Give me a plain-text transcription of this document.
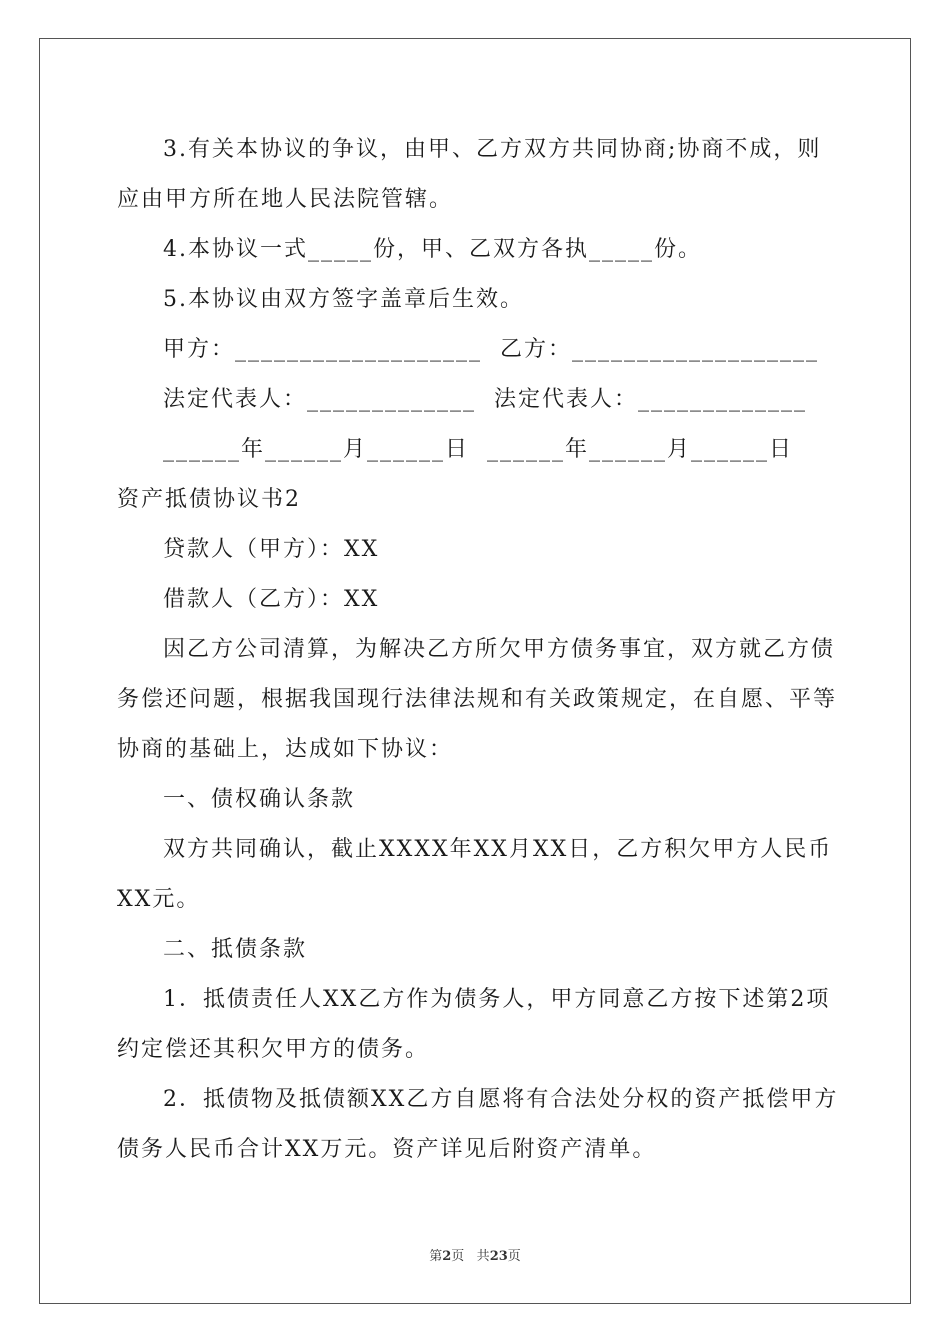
3.有关本协议的争议，由甲、乙方双方共同协商;协商不成，则
应由甲方所在地人民法院管辖。
4.本协议一式_____份，甲、乙双方各执_____份。
5.本协议由双方签字盖章后生效。
甲方：___________________  乙方：___________________
法定代表人：_____________  法定代表人：_____________
______年______月______日  ______年______月______日
资产抵债协议书2
贷款人（甲方）：XX
借款人（乙方）：XX
因乙方公司清算，为解决乙方所欠甲方债务事宜，双方就乙方债
务偿还问题，根据我国现行法律法规和有关政策规定，在自愿、平等
协商的基础上，达成如下协议：
一、债权确认条款
双方共同确认，截止XXXX年XX月XX日，乙方积欠甲方人民币
XX元。
二、抵债条款
1．抵债责任人XX乙方作为债务人，甲方同意乙方按下述第2项
约定偿还其积欠甲方的债务。
2．抵债物及抵债额XX乙方自愿将有合法处分权的资产抵偿甲方
债务人民币合计XX万元。资产详见后附资产清单。
第2页 共23页
